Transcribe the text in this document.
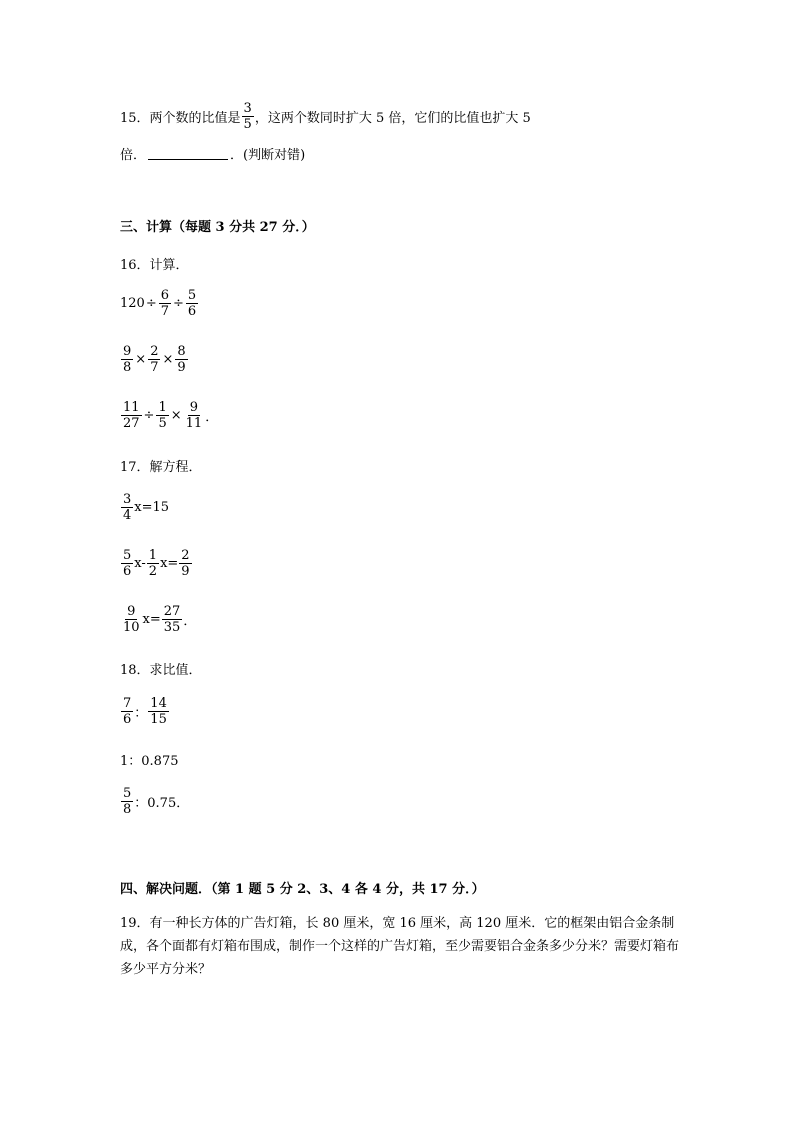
15．两个数的比值是 $\frac{3}{5}$ ，这两个数同时扩大 5 倍，它们的比值也扩大 5
倍．	．(判断对错)
三、计算（每题 3 分共 27 分．）
16．计算．
$120 \div \frac{6}{7} \div \frac{5}{6}$
$\frac{9}{8} \times \frac{2}{7} \times \frac{8}{9}$
$\frac{11}{27} \div \frac{1}{5} \times \frac{9}{11}$ ．
17．解方程．
$\frac{3}{4} x=15$
$\frac{5}{6} x- \frac{1}{2} x= \frac{2}{9}$
$\frac{9}{10} x= \frac{27}{35}$ ．
18．求比值．
$\frac{7}{6}$ ： $\frac{14}{15}$
1：0.875
$\frac{5}{8}$ ：0.75．
四、解决问题．（第 1 题 5 分 2、3、4 各 4 分，共 17 分．）
19．有一种长方体的广告灯箱，长 80 厘米，宽 16 厘米，高 120 厘米．它的框架由铝合金条制成，各个面都有灯箱布围成，制作一个这样的广告灯箱，至少需要铝合金条多少分米？需要灯箱布多少平方分米？
